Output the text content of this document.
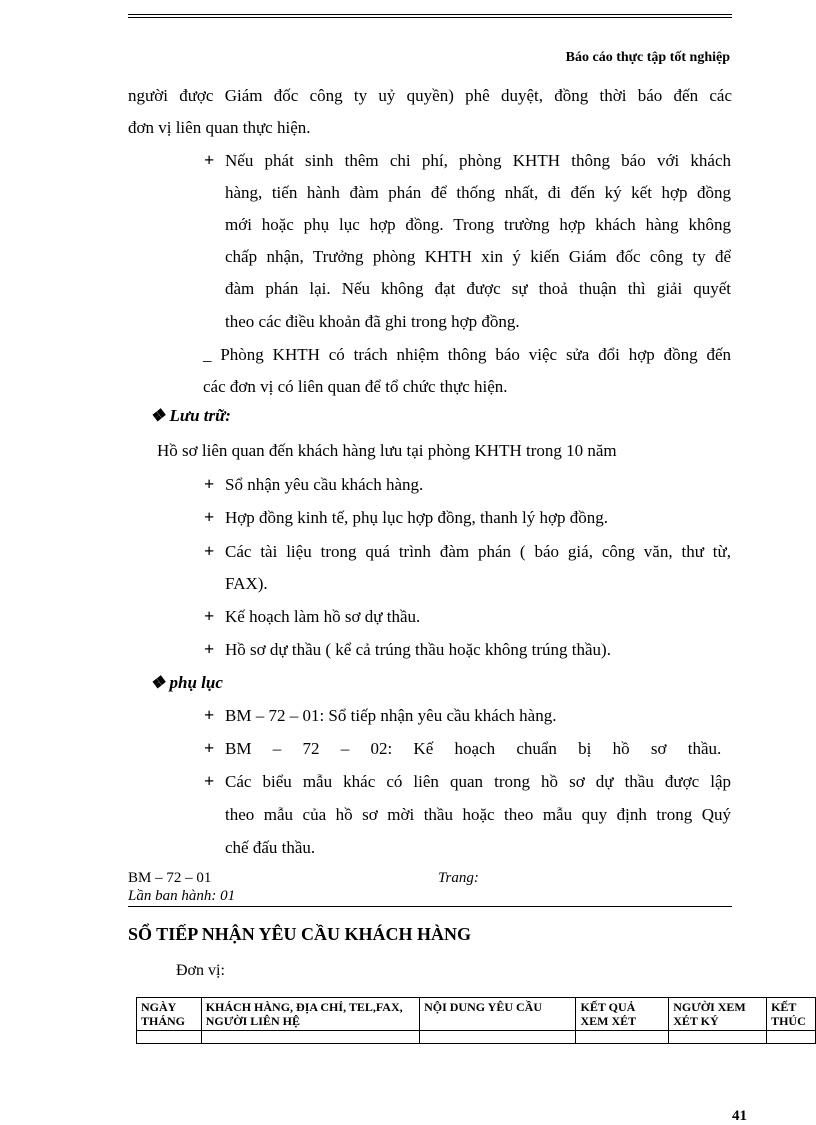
Báo cáo thực tập tốt nghiệp
người được Giám đốc công ty uỷ quyền) phê duyệt, đồng thời báo đến các
đơn vị liên quan thực hiện.
+ Nếu phát sinh thêm chi phí, phòng KHTH thông báo với khách
hàng, tiến hành đàm phán để thống nhất, đi đến ký kết hợp đồng
mới hoặc phụ lục hợp đồng. Trong trường hợp khách hàng không
chấp nhận, Trưởng phòng KHTH xin ý kiến Giám đốc công ty để
đàm phán lại. Nếu không đạt được sự thoả thuận thì giải quyết
theo các điều khoản đã ghi trong hợp đồng.
_ Phòng KHTH có trách nhiệm thông báo việc sửa đổi hợp đồng đến
các đơn vị có liên quan để tổ chức thực hiện.
❖ Lưu trữ:
Hồ sơ liên quan đến khách hàng lưu tại phòng KHTH trong 10 năm
+ Sổ nhận yêu cầu khách hàng.
+ Hợp đồng kinh tế, phụ lục hợp đồng, thanh lý hợp đồng.
+ Các tài liệu trong quá trình đàm phán ( báo giá, công văn, thư từ,
FAX).
+ Kế hoạch làm hồ sơ dự thầu.
+ Hồ sơ dự thầu ( kể cả trúng thầu hoặc không trúng thầu).
❖ phụ lục
+ BM – 72 – 01: Sổ tiếp nhận yêu cầu khách hàng.
+ BM     –     72     –     02:     Kế     hoạch     chuẩn     bị     hồ     sơ     thầu.
+ Các biểu mẫu khác có liên quan trong hồ sơ dự thầu được lập
theo mẫu của hồ sơ mời thầu hoặc theo mẫu quy định trong Quý
chế đấu thầu.
BM – 72 – 01	Trang:
Lần ban hành: 01
SỔ TIẾP NHẬN YÊU CẦU KHÁCH HÀNG
Đơn vị:
NGÀY THÁNG	KHÁCH HÀNG, ĐỊA CHỈ, TEL,FAX, NGƯỜI LIÊN HỆ	NỘI DUNG YÊU CẦU	KẾT QUẢ XEM XÉT	NGƯỜI XEM XÉT KÝ	KẾT THÚC

41
